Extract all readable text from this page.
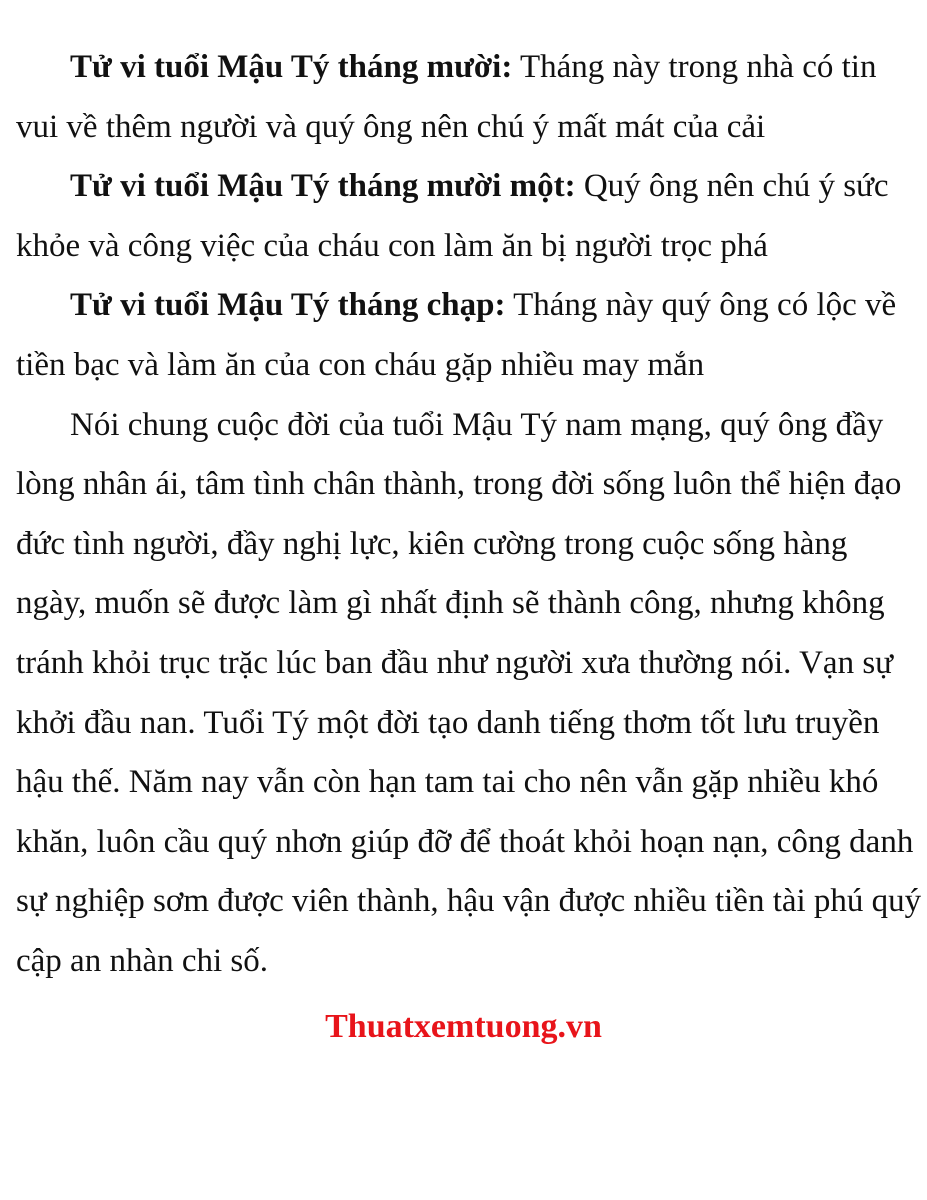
Tử vi tuổi Mậu Tý tháng mười: Tháng này trong nhà có tin vui về thêm người và quý ông nên chú ý mất mát của cải

Tử vi tuổi Mậu Tý tháng mười một: Quý ông nên chú ý sức khỏe và công việc của cháu con làm ăn bị người trọc phá

Tử vi tuổi Mậu Tý tháng chạp: Tháng này quý ông có lộc về tiền bạc và làm ăn của con cháu gặp nhiều may mắn

Nói chung cuộc đời của tuổi Mậu Tý nam mạng, quý ông đầy lòng nhân ái, tâm tình chân thành, trong đời sống luôn thể hiện đạo đức tình người, đầy nghị lực, kiên cường trong cuộc sống hàng ngày, muốn sẽ được làm gì nhất định sẽ thành công, nhưng không tránh khỏi trục trặc lúc ban đầu như người xưa thường nói. Vạn sự khởi đầu nan. Tuổi Tý một đời tạo danh tiếng thơm tốt lưu truyền hậu thế. Năm nay vẫn còn hạn tam tai cho nên vẫn gặp nhiều khó khăn, luôn cầu quý nhơn giúp đỡ để thoát khỏi hoạn nạn, công danh sự nghiệp sơm được viên thành, hậu vận được nhiều tiền tài phú quý cập an nhàn chi số.

Thuatxemtuong.vn
